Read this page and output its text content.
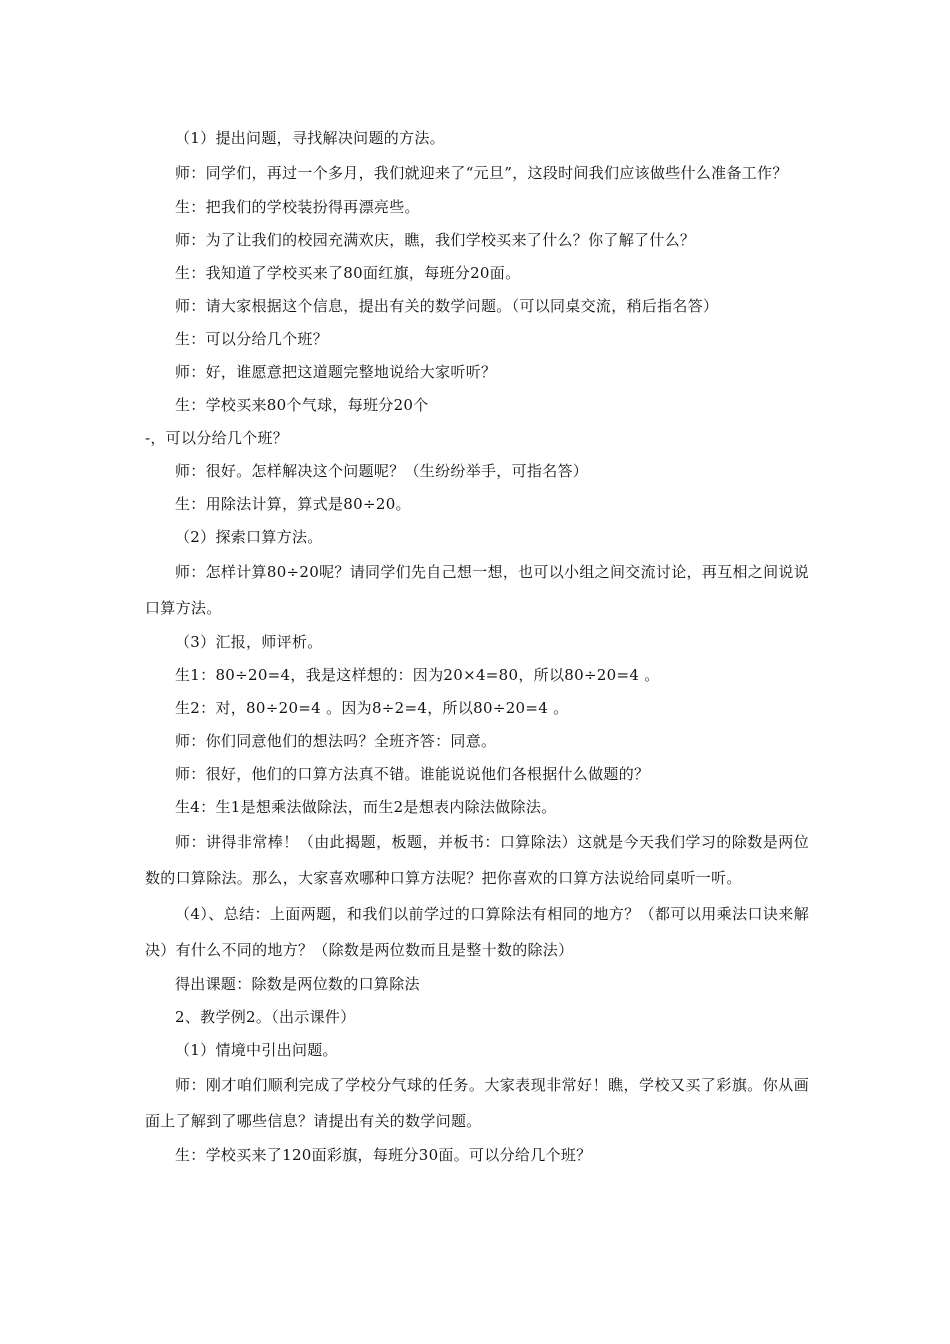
（1）提出问题，寻找解决问题的方法。

师：同学们，再过一个多月，我们就迎来了“元旦”，这段时间我们应该做些什么准备工作？

生：把我们的学校装扮得再漂亮些。

师：为了让我们的校园充满欢庆，瞧，我们学校买来了什么？你了解了什么？

生：我知道了学校买来了80面红旗，每班分20面。

师：请大家根据这个信息，提出有关的数学问题。（可以同桌交流，稍后指名答）

生：可以分给几个班？

师：好，谁愿意把这道题完整地说给大家听听？

生：学校买来80个气球，每班分20个

-，可以分给几个班？

师：很好。怎样解决这个问题呢？（生纷纷举手，可指名答）

生：用除法计算，算式是80÷20。

（2）探索口算方法。

师：怎样计算80÷20呢？请同学们先自己想一想，也可以小组之间交流讨论，再互相之间说说口算方法。

（3）汇报，师评析。

生1：80÷20=4，我是这样想的：因为20×4=80，所以80÷20=4 。

生2：对，80÷20=4 。因为8÷2=4，所以80÷20=4 。

师：你们同意他们的想法吗？全班齐答：同意。

师：很好，他们的口算方法真不错。谁能说说他们各根据什么做题的？

生4：生1是想乘法做除法，而生2是想表内除法做除法。

师：讲得非常棒！（由此揭题，板题，并板书：口算除法）这就是今天我们学习的除数是两位数的口算除法。那么，大家喜欢哪种口算方法呢？把你喜欢的口算方法说给同桌听一听。

（4）、总结：上面两题，和我们以前学过的口算除法有相同的地方？（都可以用乘法口诀来解决）有什么不同的地方？（除数是两位数而且是整十数的除法）

得出课题：除数是两位数的口算除法

2、教学例2。（出示课件）

（1）情境中引出问题。

师：刚才咱们顺利完成了学校分气球的任务。大家表现非常好！瞧，学校又买了彩旗。你从画面上了解到了哪些信息？请提出有关的数学问题。

生：学校买来了120面彩旗，每班分30面。可以分给几个班？
